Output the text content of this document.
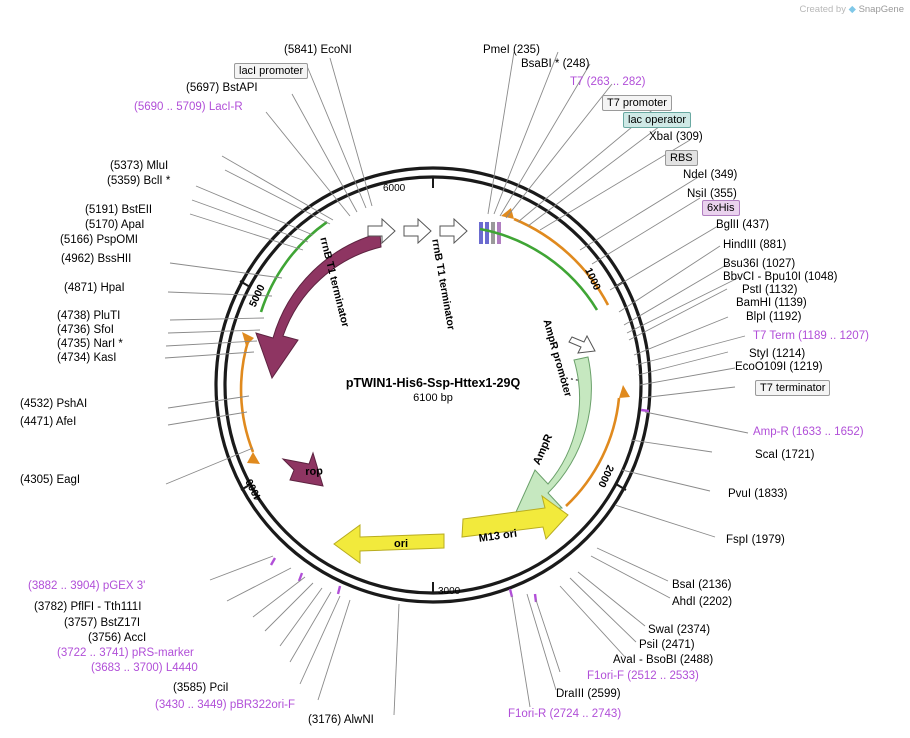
Created by ◆ SnapGene
lacI
rrnB T1 terminator	rrnB T1 terminator
AmpR promoter
AmpR
M13 ori
ori
rop
pTWIN1-His6-Ssp-Httex1-29Q
6100 bp
1000
2000
3000
4000
5000
6000
(5841) EcoNI
lacI promoter
(5697) BstAPI
(5690 .. 5709) LacI-R
(5373) MluI
(5359) BclI *
(5191) BstEII
(5170) ApaI
(5166) PspOMI
(4962) BssHII
(4871) HpaI
(4738) PluTI
(4736) SfoI
(4735) NarI *
(4734) KasI
(4532) PshAI
(4471) AfeI
(4305) EagI
(3882 .. 3904) pGEX 3'
(3782) PflFI - Tth111I
(3757) BstZ17I
(3756) AccI
(3722 .. 3741) pRS-marker
(3683 .. 3700) L4440
(3585) PciI
(3430 .. 3449) pBR322ori-F
(3176) AlwNI	F1ori-R (2724 .. 2743)
DraIII (2599)
F1ori-F (2512 .. 2533)
PmeI (235)
BsaBI * (248)
T7 (263 .. 282)
T7 promoter
lac operator
XbaI (309)
RBS
NdeI (349)
NsiI (355)
6xHis
BglII (437)
HindIII (881)
Bsu36I (1027)
BbvCI - Bpu10I (1048)
PstI (1132)
BamHI (1139)
BlpI (1192)
T7 Term (1189 .. 1207)
StyI (1214)
EcoO109I (1219)
T7 terminator
Amp-R (1633 .. 1652)
ScaI (1721)
PvuI (1833)
FspI (1979)
BsaI (2136)
AhdI (2202)
SwaI (2374)
PsiI (2471)
AvaI - BsoBI (2488)
